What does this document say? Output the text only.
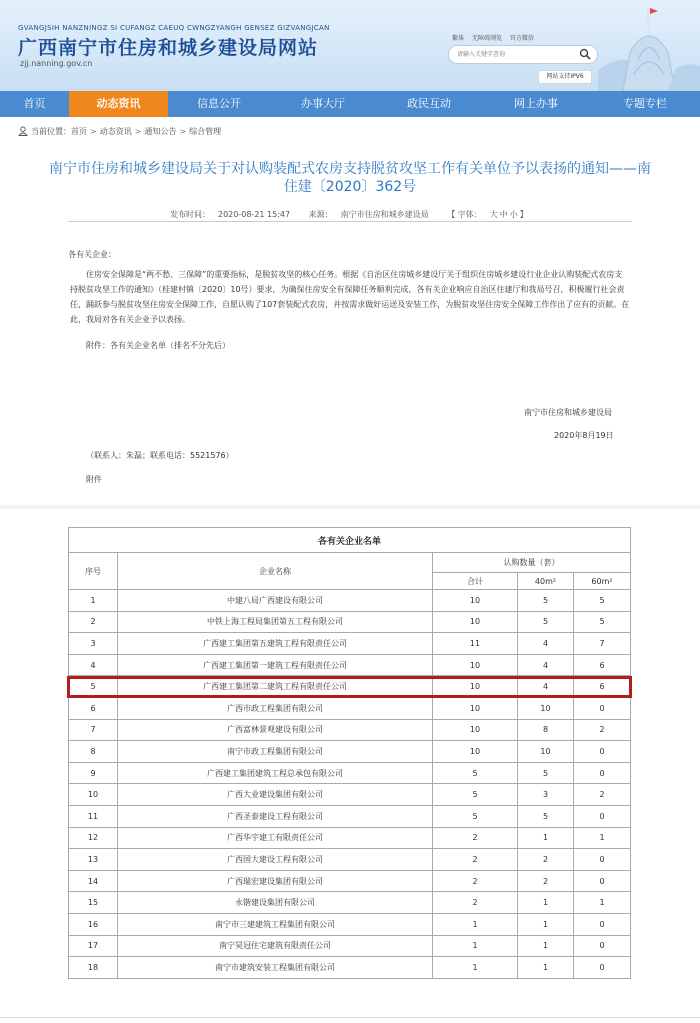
GVANGJSIH NANZNINGZ SI CUFANGZ CAEUQ CWNGZYANGH GENSEZ GIZVANGJCAN
广西南宁市住房和城乡建设局网站
zjj.nanning.gov.cn
繁体 无障碍浏览 官方微信
请输入关键字查询
网站支持IPV6
首页	动态资讯	信息公开	办事大厅	政民互动	网上办事	专题专栏
当前位置：首页 > 动态资讯 > 通知公告 > 综合管理
南宁市住房和城乡建设局关于对认购装配式农房支持脱贫攻坚工作有关单位予以表扬的通知——南住建〔2020〕362号
发布时间： 2020-08-21 15:47 来源： 南宁市住房和城乡建设局 【 字体： 大 中 小 】
各有关企业：
住房安全保障是“两不愁、三保障”的重要指标，是脱贫攻坚的核心任务。根据《自治区住房城乡建设厅关于组织住房城乡建设行业企业认购装配式农房支持脱贫攻坚工作的通知》（桂建村镇〔2020〕10号）要求，为确保住房安全有保障任务顺利完成，各有关企业响应自治区住建厅和我局号召，积极履行社会责任，踊跃参与脱贫攻坚住房安全保障工作，自愿认购了107套装配式农房，并按需求做好运送及安装工作，为脱贫攻坚住房安全保障工作作出了应有的贡献。在此，我局对各有关企业予以表扬。
附件：各有关企业名单（排名不分先后）
南宁市住房和城乡建设局
2020年8月19日
（联系人：朱磊；联系电话：5521576）
附件
各有关企业名单				
序号	企业名称	认购数量（套）		
		合计	40m²	60m²
1	中建八局广西建设有限公司	10	5	5
2	中铁上海工程局集团第五工程有限公司	10	5	5
3	广西建工集团第五建筑工程有限责任公司	11	4	7
4	广西建工集团第一建筑工程有限责任公司	10	4	6
5	广西建工集团第二建筑工程有限责任公司	10	4	6
6	广西市政工程集团有限公司	10	10	0
7	广西富林景观建设有限公司	10	8	2
8	南宁市政工程集团有限公司	10	10	0
9	广西建工集团建筑工程总承包有限公司	5	5	0
10	广西大业建设集团有限公司	5	3	2
11	广西圣泰建设工程有限公司	5	5	0
12	广西华宇建工有限责任公司	2	1	1
13	广西国大建设工程有限公司	2	2	0
14	广西瑞宏建设集团有限公司	2	2	0
15	永锴建设集团有限公司	2	1	1
16	南宁市三建建筑工程集团有限公司	1	1	0
17	南宁昊冠住宅建筑有限责任公司	1	1	0
18	南宁市建筑安装工程集团有限公司	1	1	0
